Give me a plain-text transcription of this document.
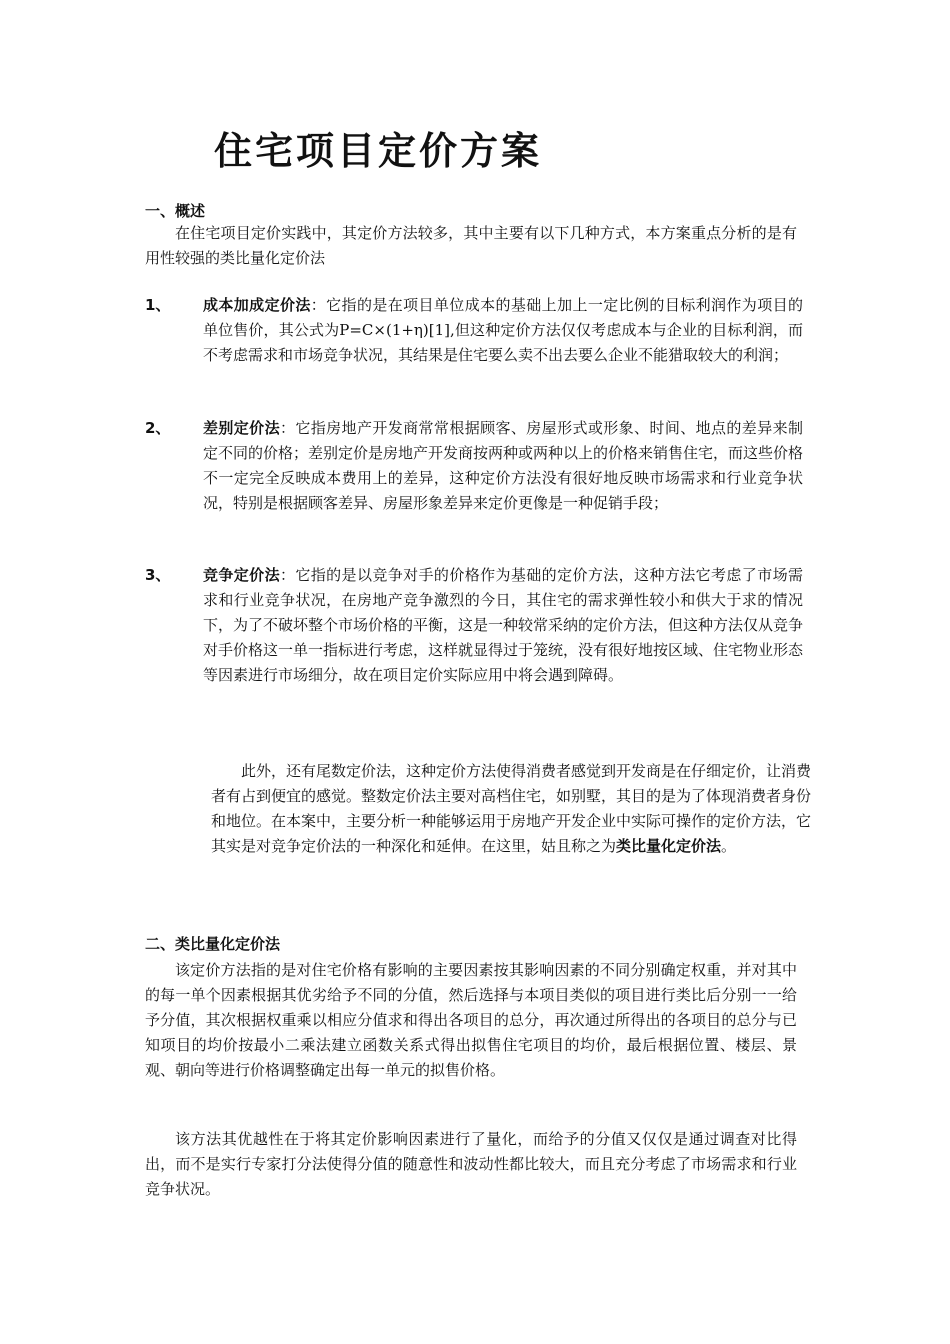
住宅项目定价方案
一、概述

在住宅项目定价实践中，其定价方法较多，其中主要有以下几种方式，本方案重点分析的是有用性较强的类比量化定价法

1、 成本加成定价法：它指的是在项目单位成本的基础上加上一定比例的目标利润作为项目的单位售价，其公式为P=C×(1+η)[1],但这种定价方法仅仅考虑成本与企业的目标利润，而不考虑需求和市场竞争状况，其结果是住宅要么卖不出去要么企业不能猎取较大的利润；

2、 差别定价法：它指房地产开发商常常根据顾客、房屋形式或形象、时间、地点的差异来制定不同的价格；差别定价是房地产开发商按两种或两种以上的价格来销售住宅，而这些价格不一定完全反映成本费用上的差异，这种定价方法没有很好地反映市场需求和行业竞争状况，特别是根据顾客差异、房屋形象差异来定价更像是一种促销手段；

3、 竞争定价法：它指的是以竞争对手的价格作为基础的定价方法，这种方法它考虑了市场需求和行业竞争状况，在房地产竞争激烈的今日，其住宅的需求弹性较小和供大于求的情况下，为了不破坏整个市场价格的平衡，这是一种较常采纳的定价方法，但这种方法仅从竞争对手价格这一单一指标进行考虑，这样就显得过于笼统，没有很好地按区域、住宅物业形态等因素进行市场细分，故在项目定价实际应用中将会遇到障碍。

此外，还有尾数定价法，这种定价方法使得消费者感觉到开发商是在仔细定价，让消费者有占到便宜的感觉。整数定价法主要对高档住宅，如别墅，其目的是为了体现消费者身份和地位。在本案中，主要分析一种能够运用于房地产开发企业中实际可操作的定价方法，它其实是对竞争定价法的一种深化和延伸。在这里，姑且称之为类比量化定价法。

二、类比量化定价法

该定价方法指的是对住宅价格有影响的主要因素按其影响因素的不同分别确定权重，并对其中的每一单个因素根据其优劣给予不同的分值，然后选择与本项目类似的项目进行类比后分别一一给予分值，其次根据权重乘以相应分值求和得出各项目的总分，再次通过所得出的各项目的总分与已知项目的均价按最小二乘法建立函数关系式得出拟售住宅项目的均价，最后根据位置、楼层、景观、朝向等进行价格调整确定出每一单元的拟售价格。

该方法其优越性在于将其定价影响因素进行了量化，而给予的分值又仅仅是通过调查对比得出，而不是实行专家打分法使得分值的随意性和波动性都比较大，而且充分考虑了市场需求和行业竞争状况。
